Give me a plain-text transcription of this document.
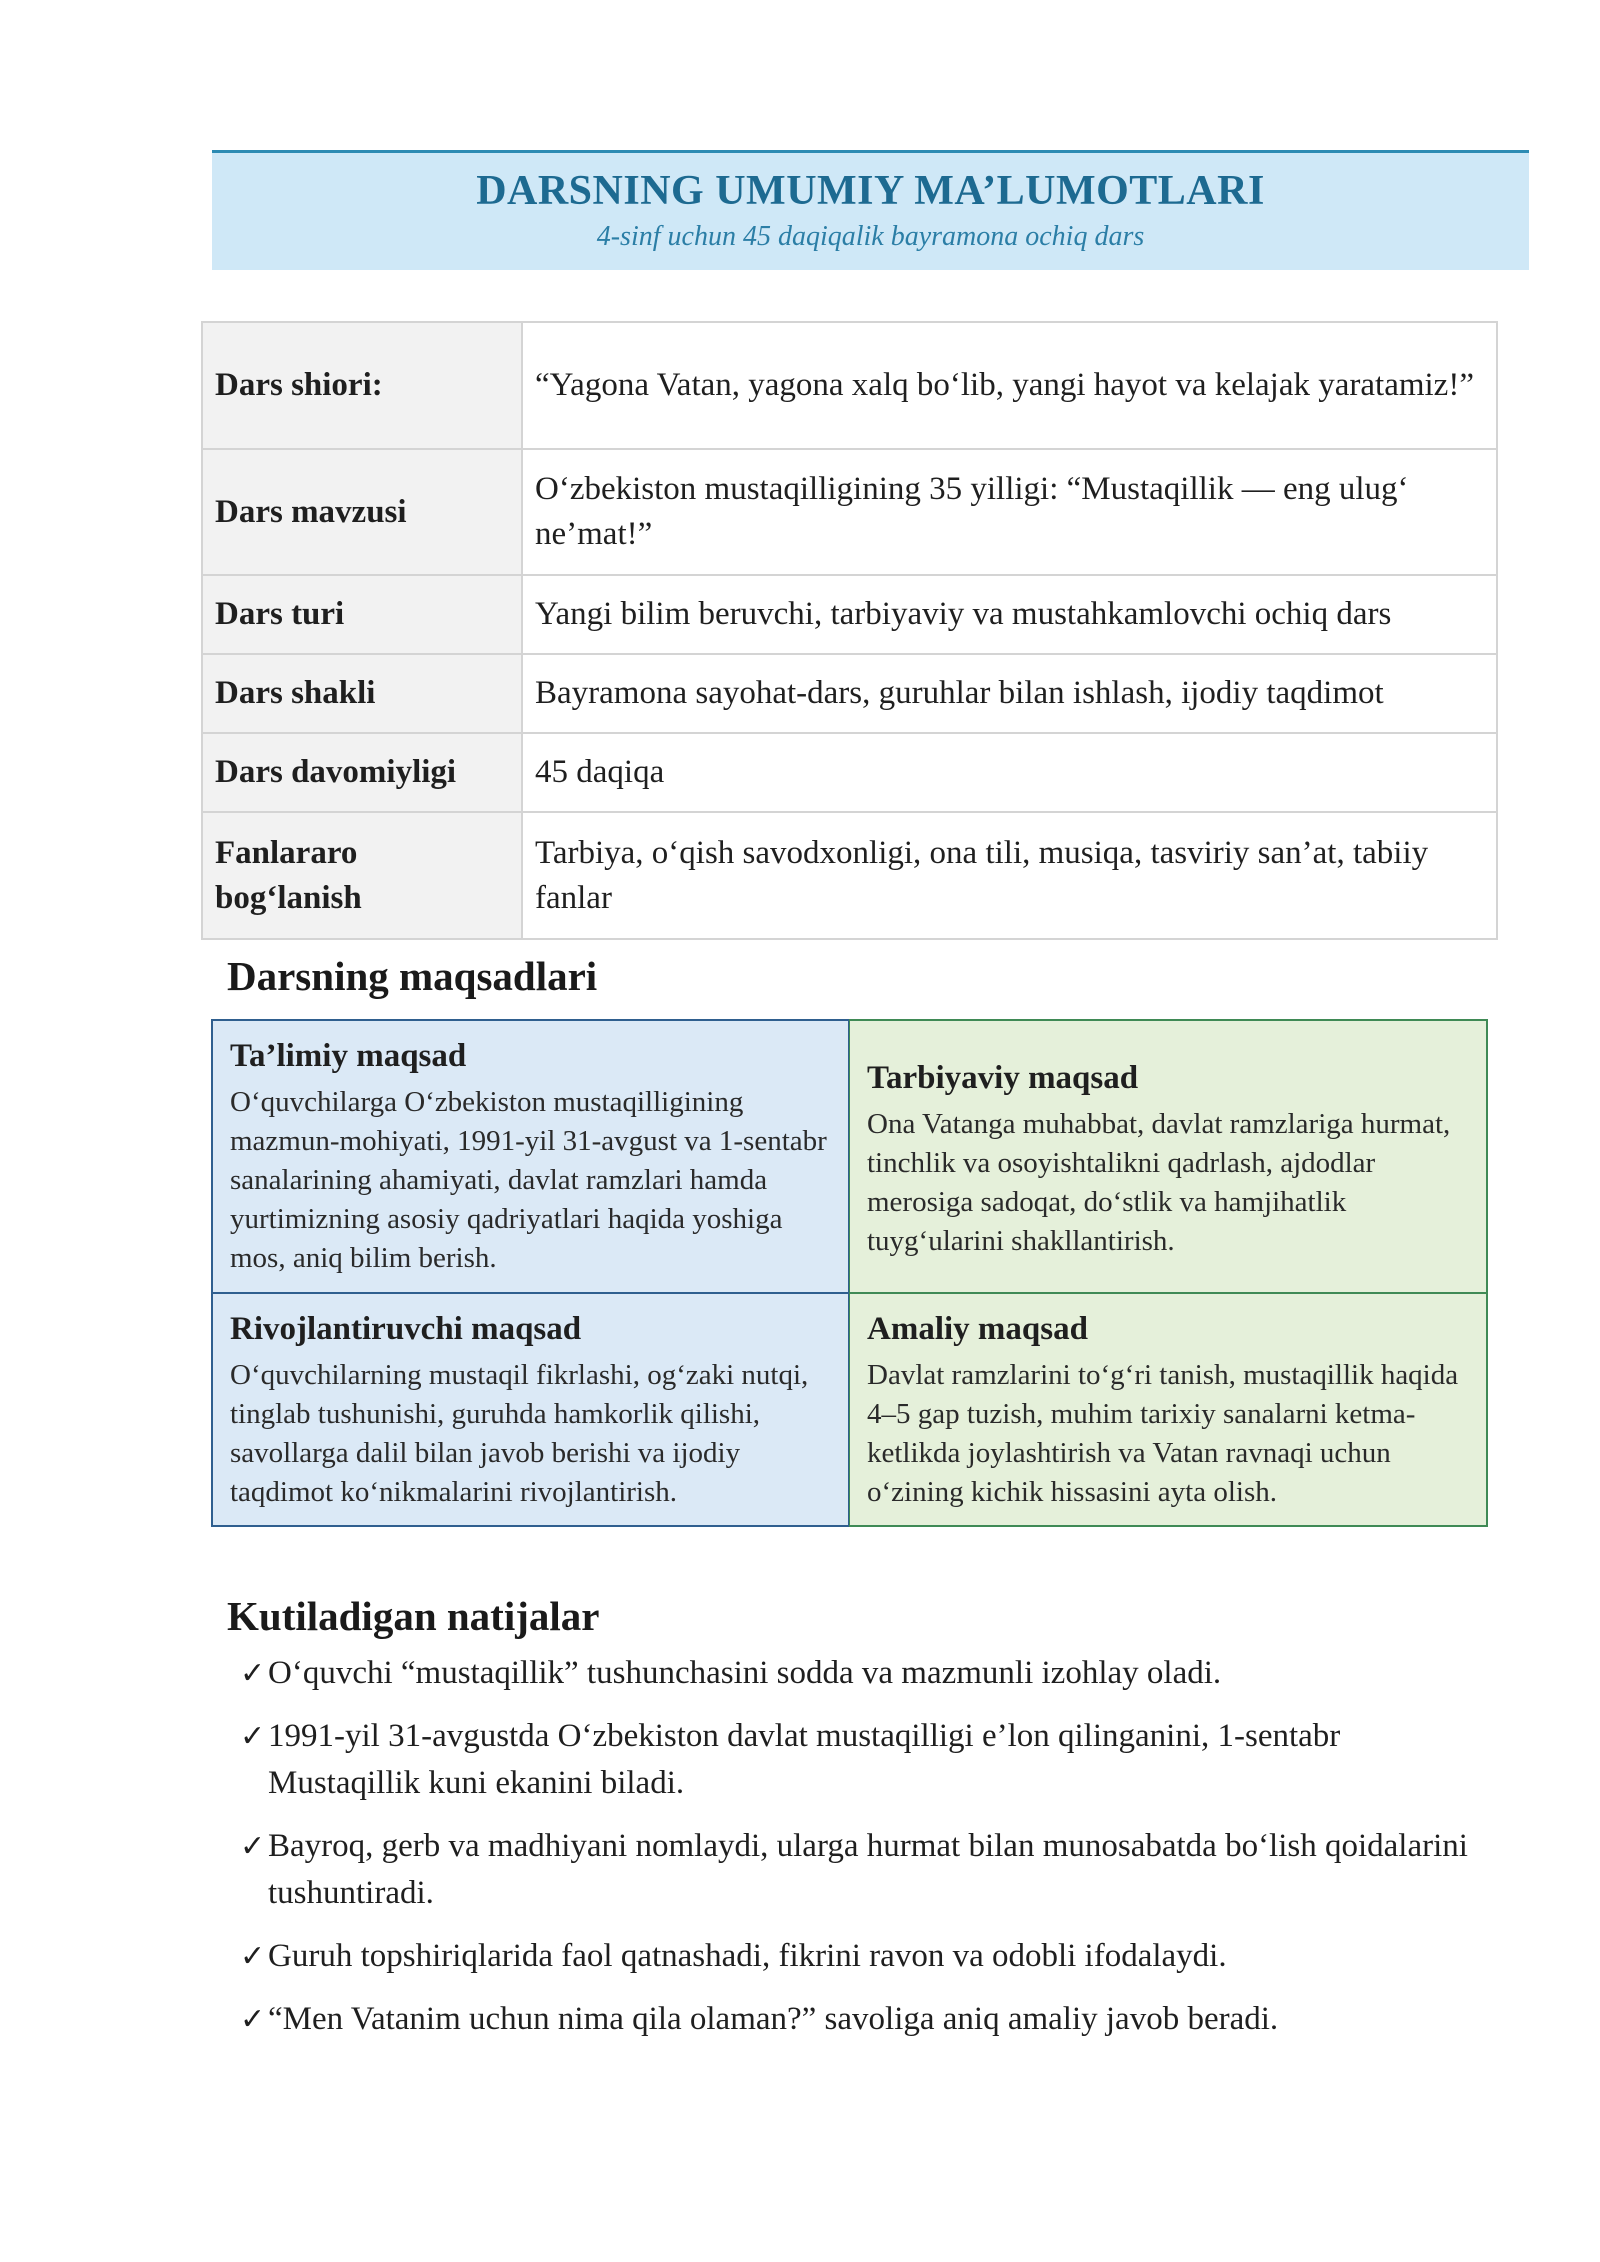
DARSNING UMUMIY MA’LUMOTLARI
4-sinf uchun 45 daqiqalik bayramona ochiq dars
Dars shiori:	“Yagona Vatan, yagona xalq bo‘lib, yangi hayot va kelajak yaratamiz!”
Dars mavzusi	O‘zbekiston mustaqilligining 35 yilligi: “Mustaqillik — eng ulug‘ ne’mat!”
Dars turi	Yangi bilim beruvchi, tarbiyaviy va mustahkamlovchi ochiq dars
Dars shakli	Bayramona sayohat-dars, guruhlar bilan ishlash, ijodiy taqdimot
Dars davomiyligi	45 daqiqa
Fanlararo bog‘lanish	Tarbiya, o‘qish savodxonligi, ona tili, musiqa, tasviriy san’at, tabiiy fanlar
Darsning maqsadlari
Ta’limiy maqsad
O‘quvchilarga O‘zbekiston mustaqilligining mazmun-mohiyati, 1991-yil 31-avgust va 1-sentabr sanalarining ahamiyati, davlat ramzlari hamda yurtimizning asosiy qadriyatlari haqida yoshiga mos, aniq bilim berish.
Tarbiyaviy maqsad
Ona Vatanga muhabbat, davlat ramzlariga hurmat, tinchlik va osoyishtalikni qadrlash, ajdodlar merosiga sadoqat, do‘stlik va hamjihatlik tuyg‘ularini shakllantirish.
Rivojlantiruvchi maqsad
O‘quvchilarning mustaqil fikrlashi, og‘zaki nutqi, tinglab tushunishi, guruhda hamkorlik qilishi, savollarga dalil bilan javob berishi va ijodiy taqdimot ko‘nikmalarini rivojlantirish.
Amaliy maqsad
Davlat ramzlarini to‘g‘ri tanish, mustaqillik haqida 4–5 gap tuzish, muhim tarixiy sanalarni ketma-ketlikda joylashtirish va Vatan ravnaqi uchun o‘zining kichik hissasini ayta olish.
Kutiladigan natijalar
✓ O‘quvchi “mustaqillik” tushunchasini sodda va mazmunli izohlay oladi.
✓ 1991-yil 31-avgustda O‘zbekiston davlat mustaqilligi e’lon qilinganini, 1-sentabr Mustaqillik kuni ekanini biladi.
✓ Bayroq, gerb va madhiyani nomlaydi, ularga hurmat bilan munosabatda bo‘lish qoidalarini tushuntiradi.
✓ Guruh topshiriqlarida faol qatnashadi, fikrini ravon va odobli ifodalaydi.
✓ “Men Vatanim uchun nima qila olaman?” savoliga aniq amaliy javob beradi.
